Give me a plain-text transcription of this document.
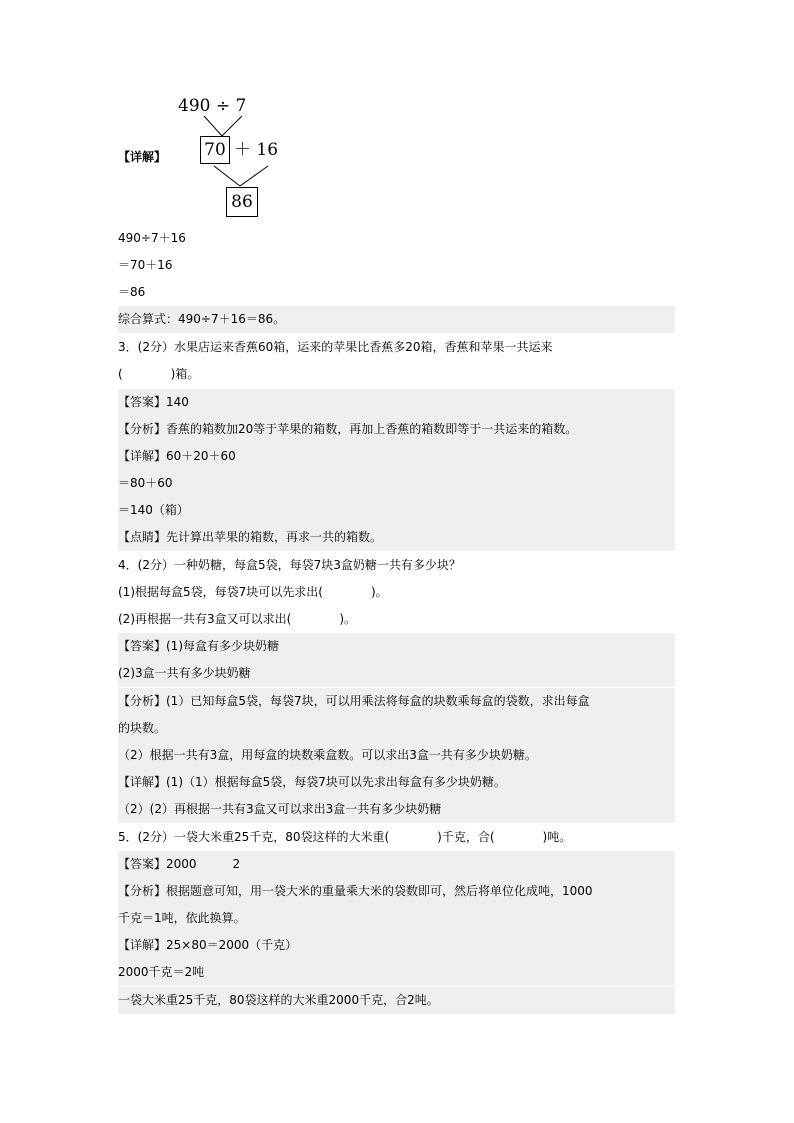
【详解】
490 ÷ 7
70 ＋ 16
86
490÷7＋16
＝70＋16
＝86
综合算式：490÷7＋16＝86。
3．(2分）水果店运来香蕉60箱，运来的苹果比香蕉多20箱，香蕉和苹果一共运来
(　　　　)箱。
【答案】140
【分析】香蕉的箱数加20等于苹果的箱数，再加上香蕉的箱数即等于一共运来的箱数。
【详解】60＋20＋60
＝80＋60
＝140（箱）
【点睛】先计算出苹果的箱数，再求一共的箱数。
4．(2分）一种奶糖，每盒5袋，每袋7块3盒奶糖一共有多少块？
(1)根据每盒5袋，每袋7块可以先求出(　　　　)。
(2)再根据一共有3盒又可以求出(　　　　)。
【答案】(1)每盒有多少块奶糖
(2)3盒一共有多少块奶糖
【分析】(1）已知每盒5袋，每袋7块，可以用乘法将每盒的块数乘每盒的袋数，求出每盒
的块数。
（2）根据一共有3盒，用每盒的块数乘盒数。可以求出3盒一共有多少块奶糖。
【详解】(1)（1）根据每盒5袋，每袋7块可以先求出每盒有多少块奶糖。
（2）(2）再根据一共有3盒又可以求出3盒一共有多少块奶糖
5．(2分）一袋大米重25千克，80袋这样的大米重(　　　　)千克，合(　　　　)吨。
【答案】2000　　　2
【分析】根据题意可知，用一袋大米的重量乘大米的袋数即可，然后将单位化成吨，1000
千克＝1吨，依此换算。
【详解】25×80＝2000（千克）
2000千克＝2吨
一袋大米重25千克，80袋这样的大米重2000千克，合2吨。
